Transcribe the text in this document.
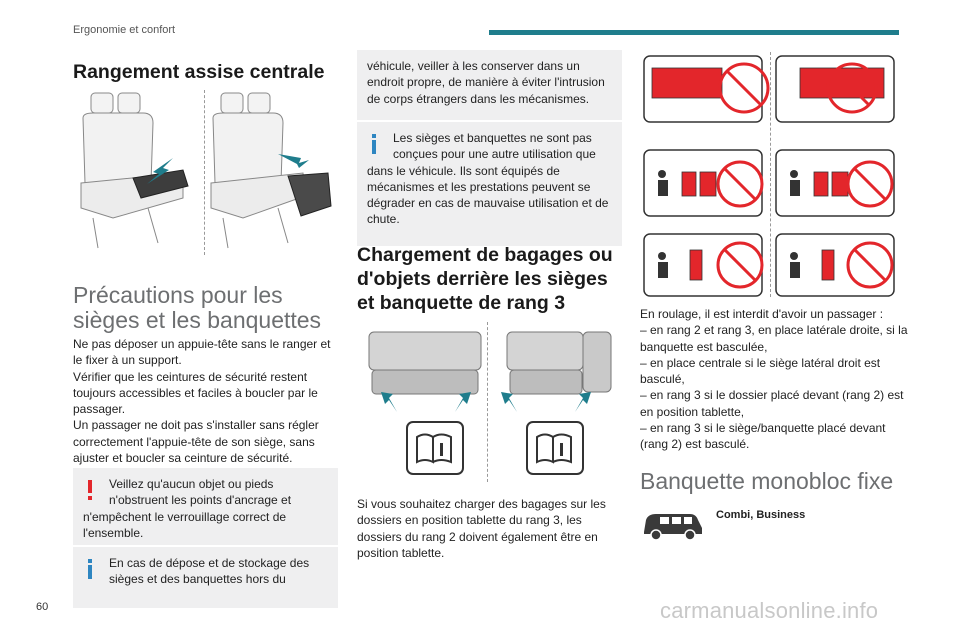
Ergonomie et confort
Rangement assise centrale
Précautions pour les sièges et les banquettes

Ne pas déposer un appuie-tête sans le ranger et le fixer à un support.

Vérifier que les ceintures de sécurité restent toujours accessibles et faciles à boucler par le passager.

Un passager ne doit pas s'installer sans régler correctement l'appuie-tête de son siège, sans ajuster et boucler sa ceinture de sécurité.

Veillez qu'aucun objet ou pieds n'obstruent les points d'ancrage et n'empêchent le verrouillage correct de l'ensemble.
En cas de dépose et de stockage des sièges et des banquettes hors du
véhicule, veiller à les conserver dans un endroit propre, de manière à éviter l'intrusion de corps étrangers dans les mécanismes.
Les sièges et banquettes ne sont pas conçues pour une autre utilisation que dans le véhicule. Ils sont équipés de mécanismes et les prestations peuvent se dégrader en cas de mauvaise utilisation et de chute.
Chargement de bagages ou d'objets derrière les sièges et banquette de rang 3

Si vous souhaitez charger des bagages sur les dossiers en position tablette du rang 3, les dossiers du rang 2 doivent également être en position tablette.

En roulage, il est interdit d'avoir un passager :

– en rang 2 et rang 3, en place latérale droite, si la banquette est basculée,

– en place centrale si le siège latéral droit est basculé,

– en rang 3 si le dossier placé devant (rang 2) est en position tablette,

– en rang 3 si le siège/banquette placé devant (rang 2) est basculé.

Banquette monobloc fixe
Combi, Business
60	carmanualsonline.info
